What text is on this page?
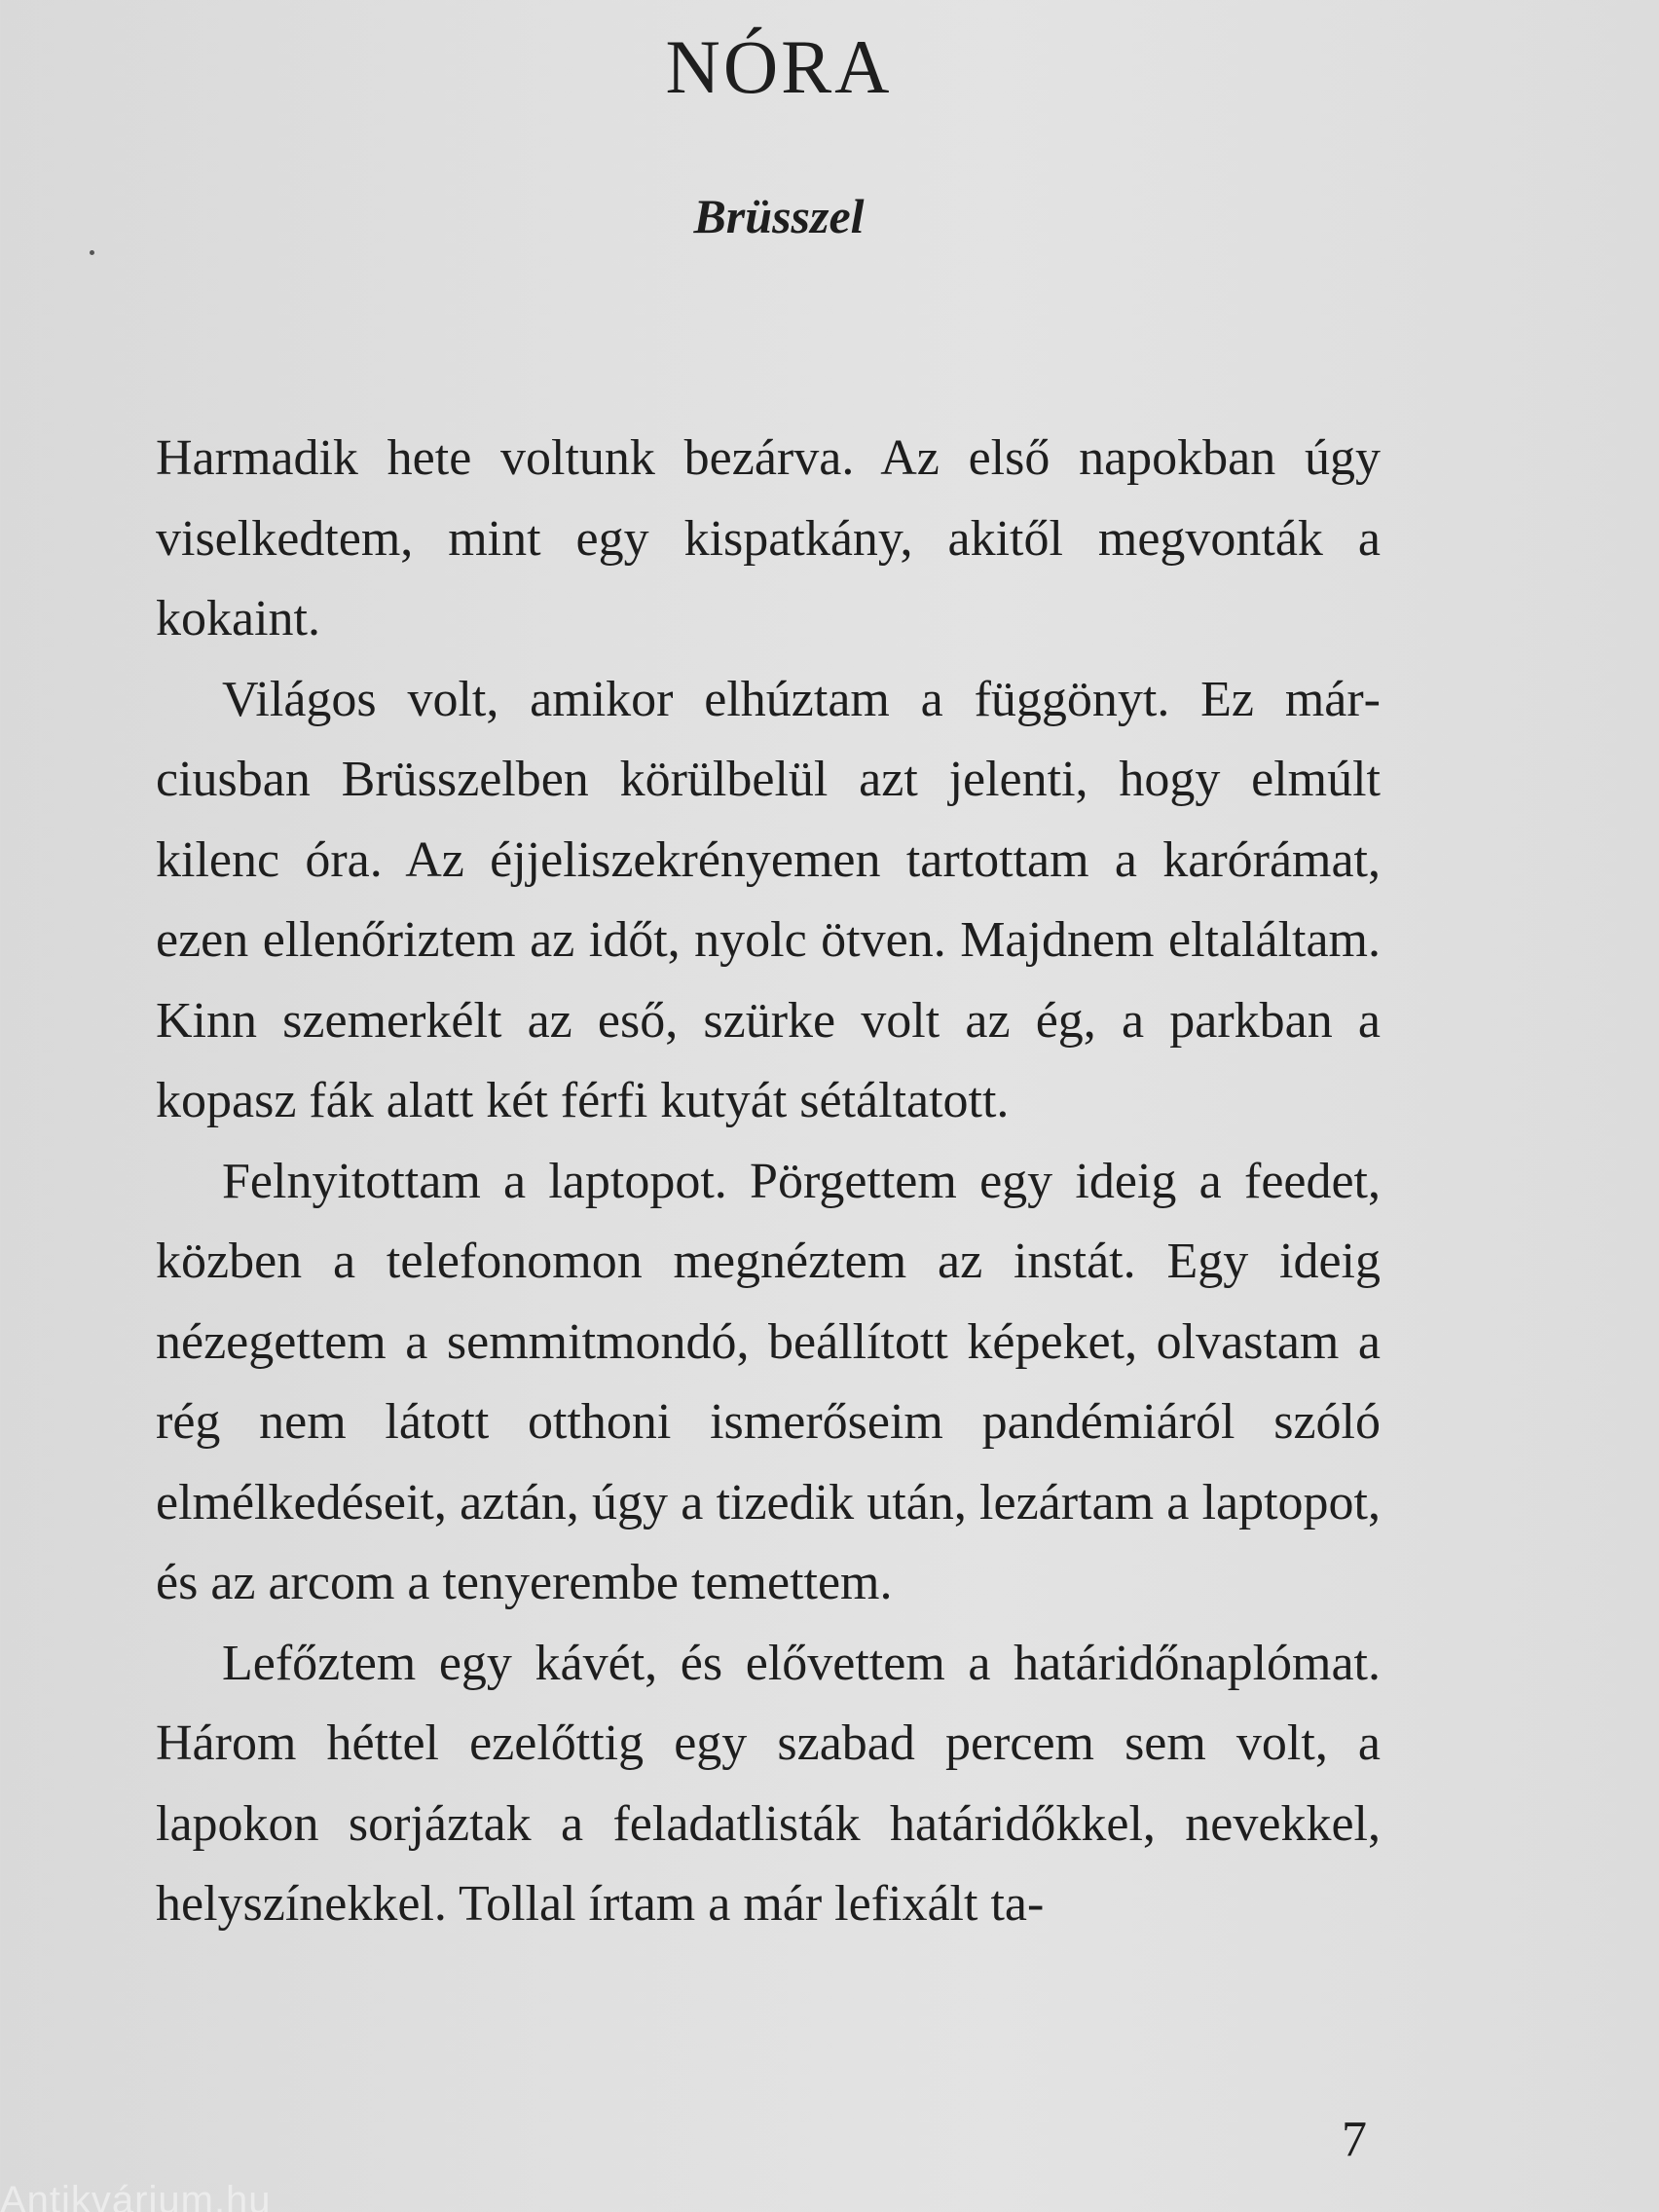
NÓRA
Brüsszel

Harmadik hete voltunk bezárva. Az első napokban úgy viselkedtem, mint egy kispatkány, akitől megvonták a kokaint.

Világos volt, amikor elhúztam a függönyt. Ez márciusban Brüsszelben körülbelül azt jelenti, hogy elmúlt kilenc óra. Az éjjeliszekrényemen tartottam a karórámat, ezen ellenőriztem az időt, nyolc ötven. Majdnem eltaláltam. Kinn szemerkélt az eső, szürke volt az ég, a parkban a kopasz fák alatt két férfi kutyát sétáltatott.

Felnyitottam a laptopot. Pörgettem egy ideig a feedet, közben a telefonomon megnéztem az instát. Egy ideig nézegettem a semmitmondó, beállított képeket, olvastam a rég nem látott otthoni ismerőseim pandémiáról szóló elmélkedéseit, aztán, úgy a tizedik után, lezártam a laptopot, és az arcom a tenyerembe temettem.

Lefőztem egy kávét, és elővettem a határidőnaplómat. Három héttel ezelőttig egy szabad percem sem volt, a lapokon sorjáztak a feladatlisták határidőkkel, nevekkel, helyszínekkel. Tollal írtam a már lefixált ta-

7
Antikvárium.hu
